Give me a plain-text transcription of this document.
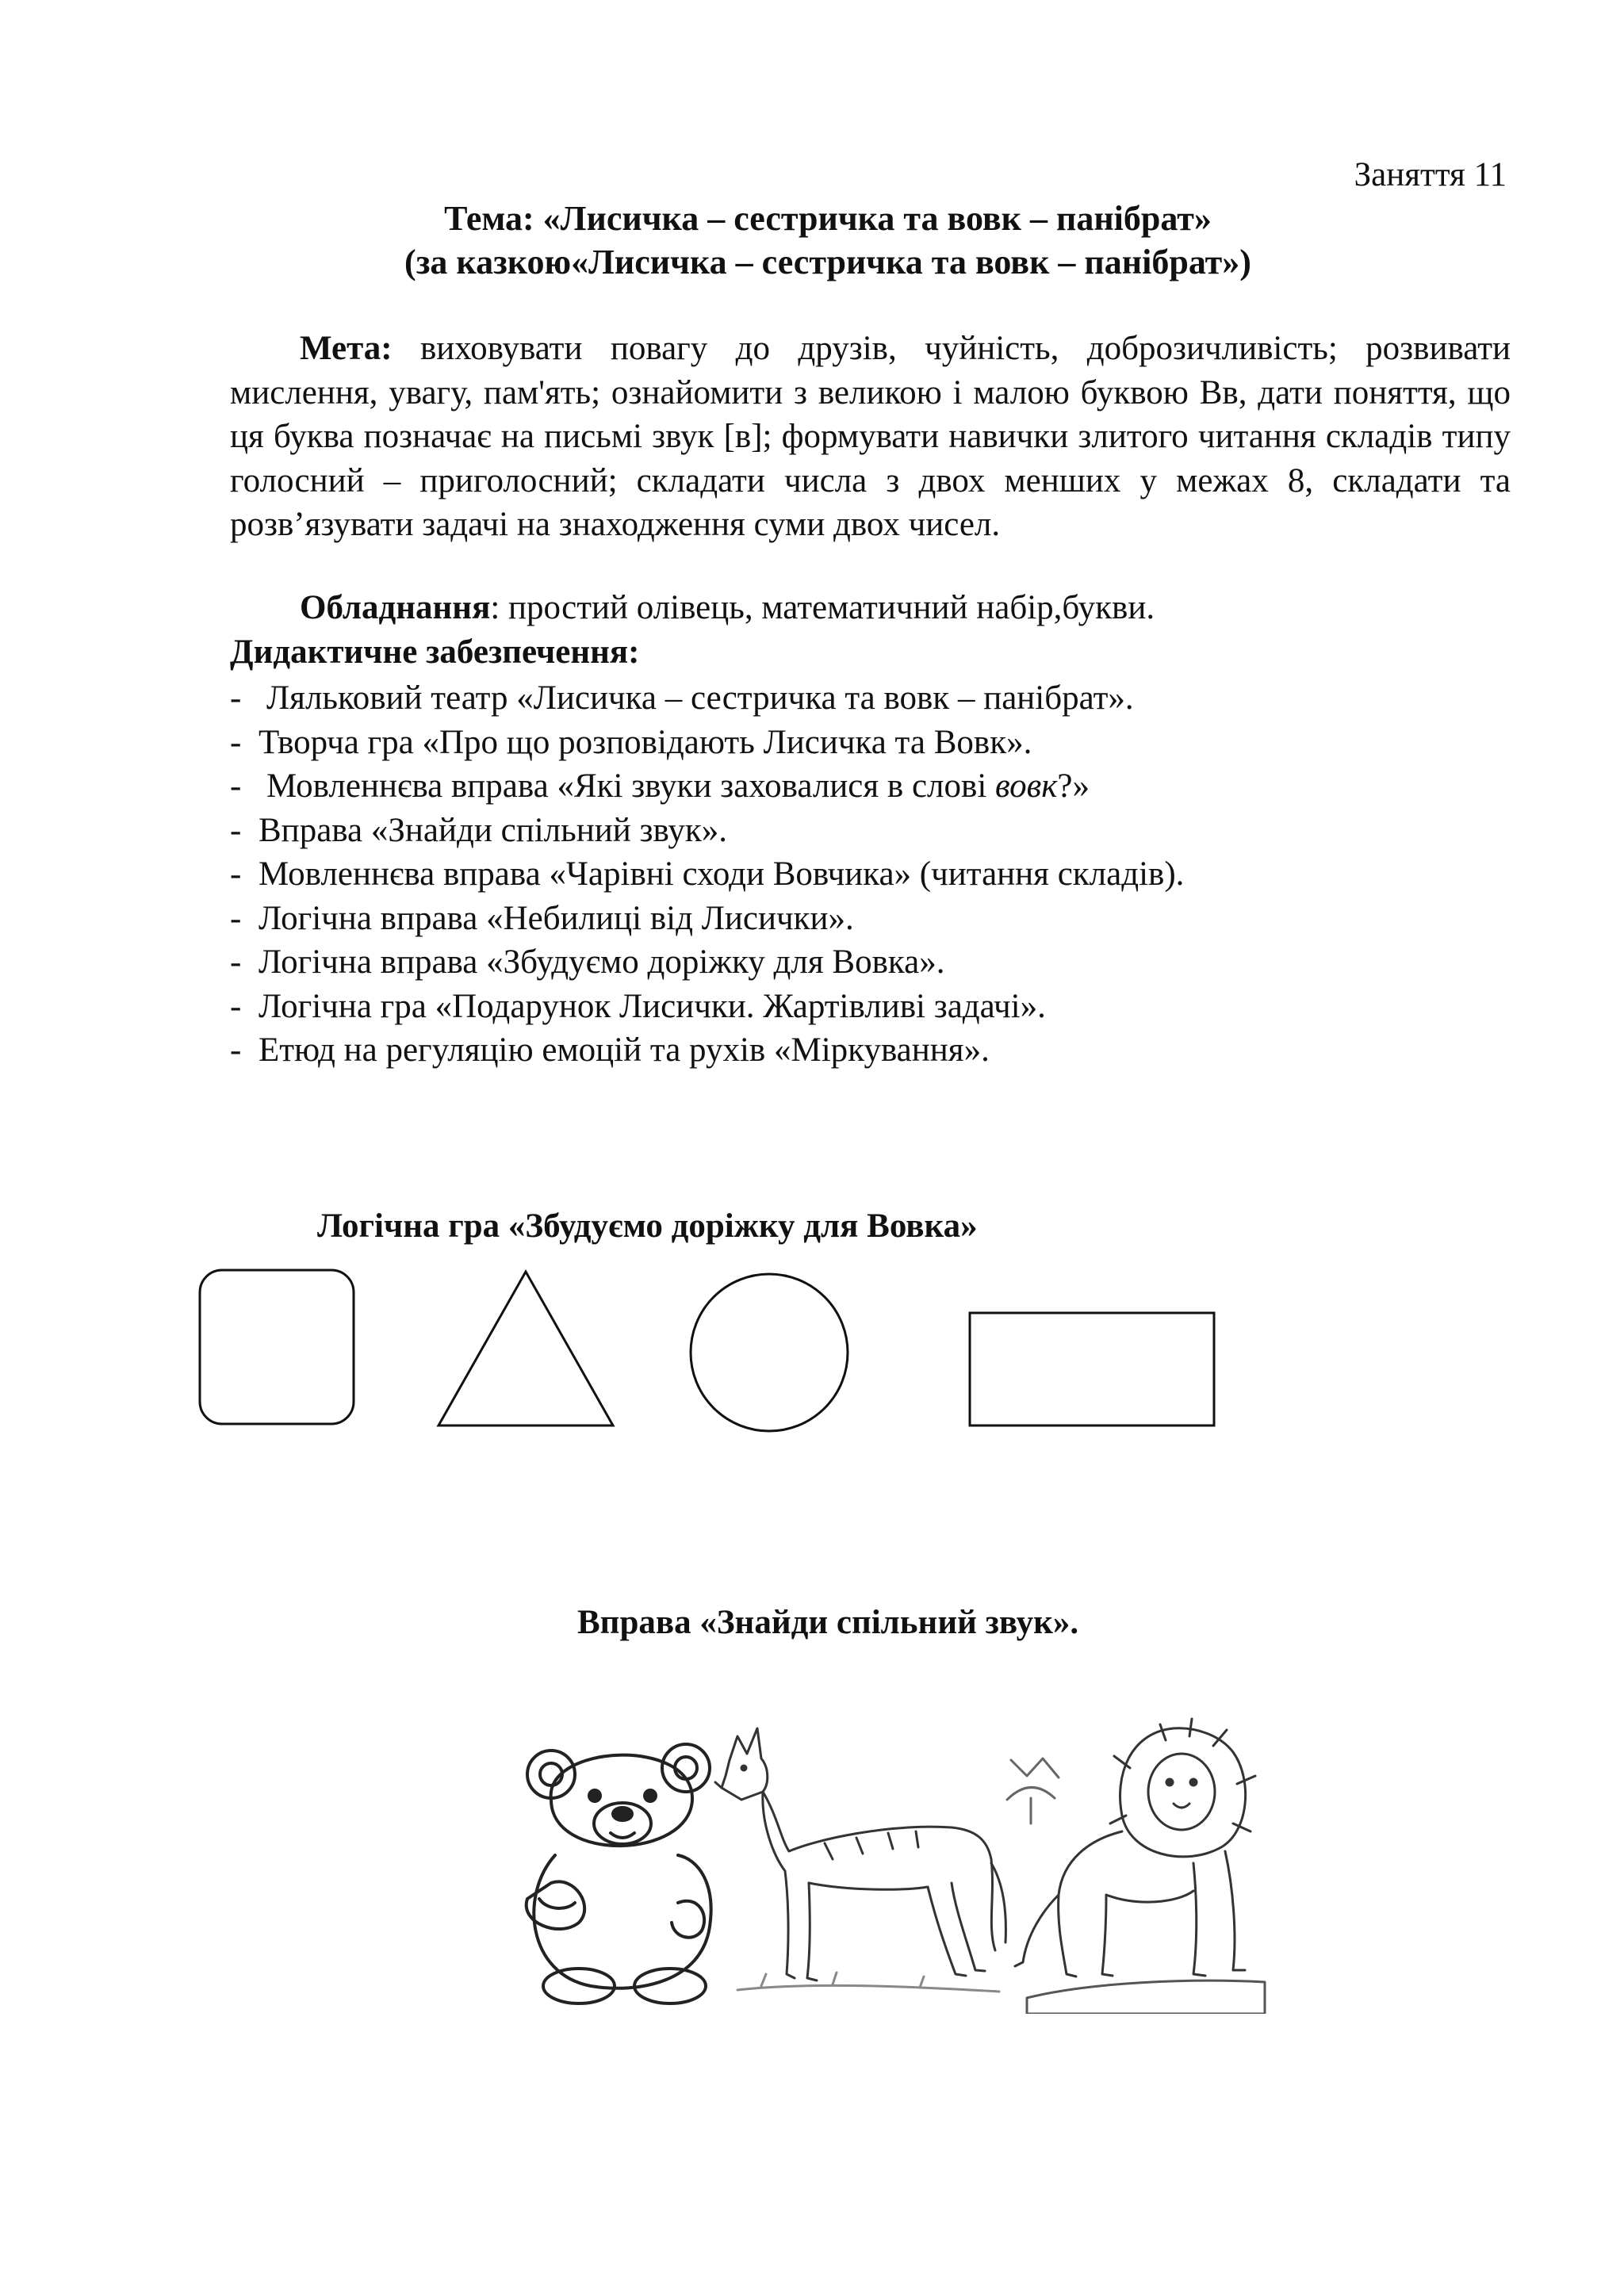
Заняття 11
Тема: «Лисичка – сестричка та вовк – панібрат»
(за казкою«Лисичка – сестричка та вовк – панібрат»)
Мета: виховувати повагу до друзів, чуйність, доброзичливість; розвивати мислення, увагу, пам'ять; ознайомити з великою і малою буквою Вв, дати поняття, що ця буква позначає на письмі звук [в]; формувати навички злитого читання складів типу голосний – приголосний; складати числа з двох менших у межах 8, складати та розв’язувати задачі на знаходження суми двох чисел.
Обладнання: простий олівець, математичний набір,букви.
Дидактичне забезпечення:
- Ляльковий театр «Лисичка – сестричка та вовк – панібрат».
- Творча гра «Про що розповідають Лисичка та Вовк».
- Мовленнєва вправа «Які звуки заховалися в слові вовк?»
- Вправа «Знайди спільний звук».
- Мовленнєва вправа «Чарівні сходи Вовчика» (читання складів).
- Логічна вправа «Небилиці від Лисички».
- Логічна вправа «Збудуємо доріжку для Вовка».
- Логічна гра «Подарунок Лисички. Жартівливі задачі».
- Етюд на регуляцію емоцій та рухів «Міркування».
Логічна гра «Збудуємо доріжку для Вовка»
Вправа «Знайди спільний звук».
